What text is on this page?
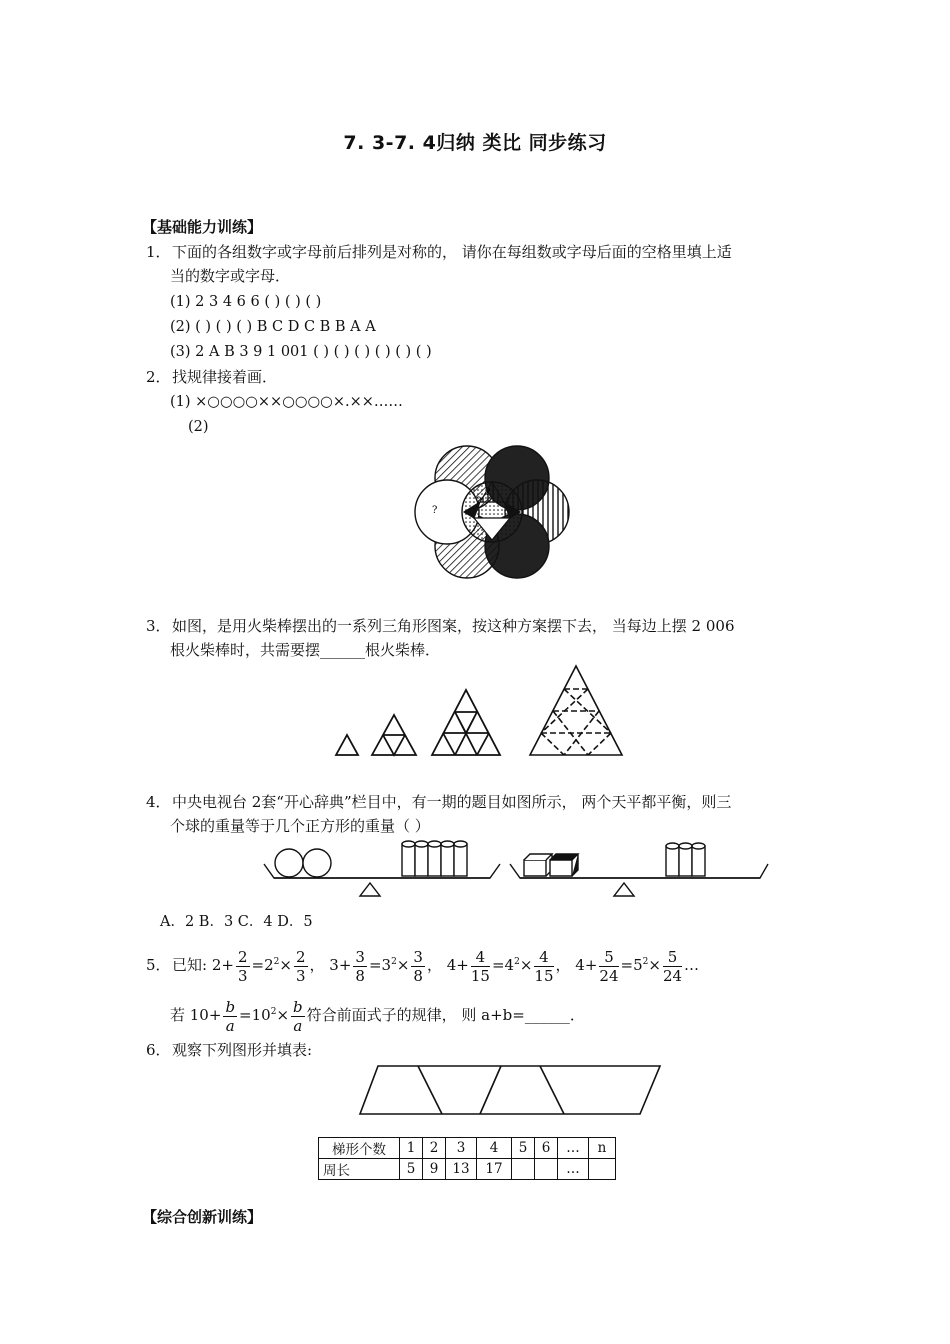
7. 3-7. 4归纳 类比 同步练习
【基础能力训练】
1．下面的各组数字或字母前后排列是对称的， 请你在每组数或字母后面的空格里填上适
当的数字或字母．
(1) 2 3 4 6 6 ( ) ( ) ( )
(2) ( ) ( ) ( ) B C D C B B A A
(3) 2 A B 3 9 1 001 ( ) ( ) ( ) ( ) ( ) ( )
2．找规律接着画．
(1) ×○○○○××○○○○×.××……
(2)
?
?
?
3．如图，是用火柴棒摆出的一系列三角形图案，按这种方案摆下去， 当每边上摆 2 006
根火柴棒时，共需要摆______根火柴棒．
4．中央电视台 2套“开心辞典”栏目中，有一期的题目如图所示， 两个天平都平衡，则三
个球的重量等于几个正方形的重量（ ）
A．2 B．3 C．4 D．5
5．已知: $2+ \frac{2}{3} =2^2\times \frac{2}{3}$ ， $3+ \frac{3}{8} =3^2\times \frac{3}{8}$ ， $4+ \frac{4}{15} =4^2\times \frac{4}{15}$ ， $4+ \frac{5}{24} =5^2\times \frac{5}{24}$ …
若 $10+ \frac{b}{a} =10^2\times \frac{b}{a}$ 符合前面式子的规律， 则 a+b=______．
6．观察下列图形并填表:
梯形个数	1	2	3	4	5	6	…	n
周长	5	9	13	17			…	
【综合创新训练】
